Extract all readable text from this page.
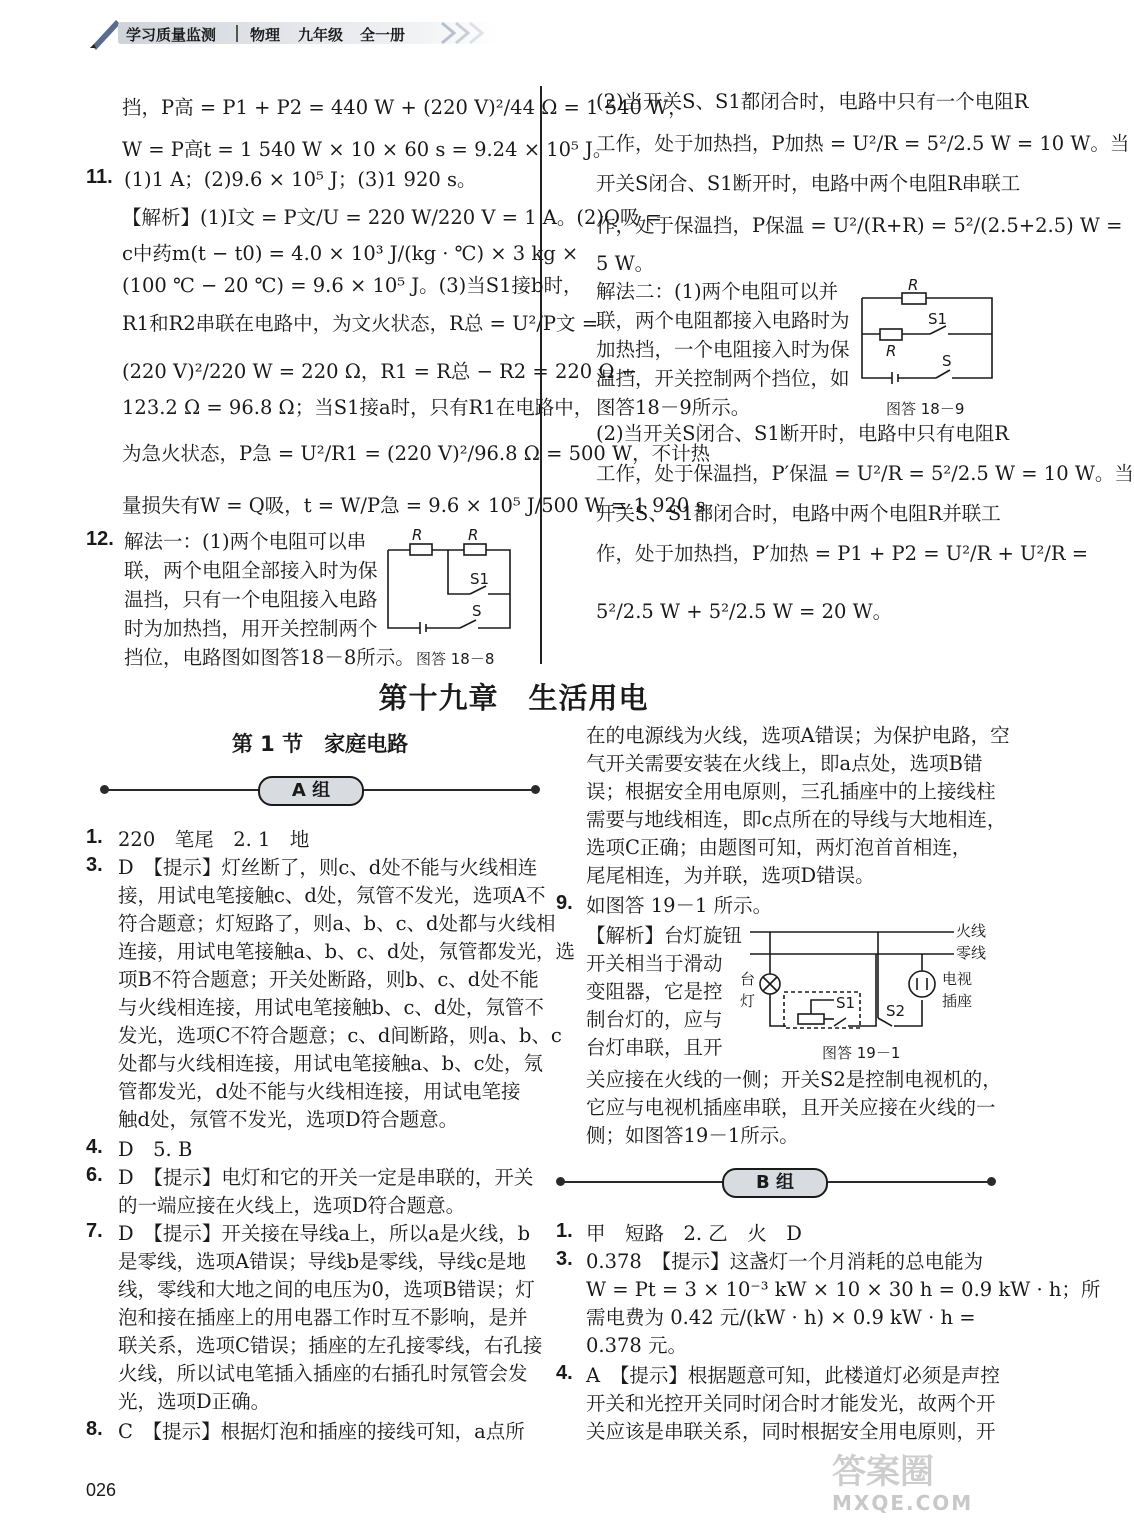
学习质量监测 物理 九年级 全一册
挡，P高 = P1 + P2 = 440 W + (220 V)²/44 Ω = 1 540 W，
W = P高t = 1 540 W × 10 × 60 s = 9.24 × 10⁵ J。
11. (1)1 A；(2)9.6 × 10⁵ J；(3)1 920 s。
【解析】(1)I文 = P文/U = 220 W/220 V = 1 A。(2)Q吸 =
c中药m(t − t0) = 4.0 × 10³ J/(kg · ℃) × 3 kg ×
(100 ℃ − 20 ℃) = 9.6 × 10⁵ J。(3)当S1接b时，
R1和R2串联在电路中，为文火状态，R总 = U²/P文 =
(220 V)²/220 W = 220 Ω，R1 = R总 − R2 = 220 Ω −
123.2 Ω = 96.8 Ω；当S1接a时，只有R1在电路中，
为急火状态，P急 = U²/R1 = (220 V)²/96.8 Ω = 500 W，不计热
量损失有W = Q吸，t = W/P急 = 9.6 × 10⁵ J/500 W = 1 920 s。
12. 解法一：(1)两个电阻可以串
联，两个电阻全部接入时为保
温挡，只有一个电阻接入电路
时为加热挡，用开关控制两个
挡位，电路图如图答18－8所示。
R	R
S1
S
图答 18－8
(2)当开关S、S1都闭合时，电路中只有一个电阻R
工作，处于加热挡，P加热 = U²/R = 5²/2.5 W = 10 W。当
开关S闭合、S1断开时，电路中两个电阻R串联工
作，处于保温挡，P保温 = U²/(R+R) = 5²/(2.5+2.5) W =
5 W。
解法二：(1)两个电阻可以并
联，两个电阻都接入电路时为
加热挡，一个电阻接入时为保
温挡，开关控制两个挡位，如
图答18－9所示。
(2)当开关S闭合、S1断开时，电路中只有电阻R
工作，处于保温挡，P′保温 = U²/R = 5²/2.5 W = 10 W。当
开关S、S1都闭合时，电路中两个电阻R并联工
作，处于加热挡，P′加热 = P1 + P2 = U²/R + U²/R =
5²/2.5 W + 5²/2.5 W = 20 W。
R
S1
R
S
图答 18－9
第十九章　生活用电
第 1 节　家庭电路
A 组
1. 220　笔尾　2. 1　地
3. D　【提示】灯丝断了，则c、d处不能与火线相连
接，用试电笔接触c、d处，氖管不发光，选项A不
符合题意；灯短路了，则a、b、c、d处都与火线相
连接，用试电笔接触a、b、c、d处，氖管都发光，选
项B不符合题意；开关处断路，则b、c、d处不能
与火线相连接，用试电笔接触b、c、d处，氖管不
发光，选项C不符合题意；c、d间断路，则a、b、c
处都与火线相连接，用试电笔接触a、b、c处，氖
管都发光，d处不能与火线相连接，用试电笔接
触d处，氖管不发光，选项D符合题意。
4. D　5. B
6. D　【提示】电灯和它的开关一定是串联的，开关
的一端应接在火线上，选项D符合题意。
7. D　【提示】开关接在导线a上，所以a是火线，b
是零线，选项A错误；导线b是零线，导线c是地
线，零线和大地之间的电压为0，选项B错误；灯
泡和接在插座上的用电器工作时互不影响，是并
联关系，选项C错误；插座的左孔接零线，右孔接
火线，所以试电笔插入插座的右插孔时氖管会发
光，选项D正确。
8. C　【提示】根据灯泡和插座的接线可知，a点所
在的电源线为火线，选项A错误；为保护电路，空
气开关需要安装在火线上，即a点处，选项B错
误；根据安全用电原则，三孔插座中的上接线柱
需要与地线相连，即c点所在的导线与大地相连，
选项C正确；由题图可知，两灯泡首首相连，
尾尾相连，为并联，选项D错误。
9. 如图答 19－1 所示。
【解析】台灯旋钮
开关相当于滑动
变阻器，它是控
制台灯的，应与
台灯串联，且开
关应接在火线的一侧；开关S2是控制电视机的，
它应与电视机插座串联，且开关应接在火线的一
侧；如图答19－1所示。
火线
零线
台
灯
电视
插座
S1 S2
图答 19－1
B 组
1. 甲　短路　2. 乙　火　D
3. 0.378　【提示】这盏灯一个月消耗的总电能为
W = Pt = 3 × 10⁻³ kW × 10 × 30 h = 0.9 kW · h；所
需电费为 0.42 元/(kW · h) × 0.9 kW · h =
0.378 元。
4. A　【提示】根据题意可知，此楼道灯必须是声控
开关和光控开关同时闭合时才能发光，故两个开
关应该是串联关系，同时根据安全用电原则，开
026	答案圈
MXQE.COM
